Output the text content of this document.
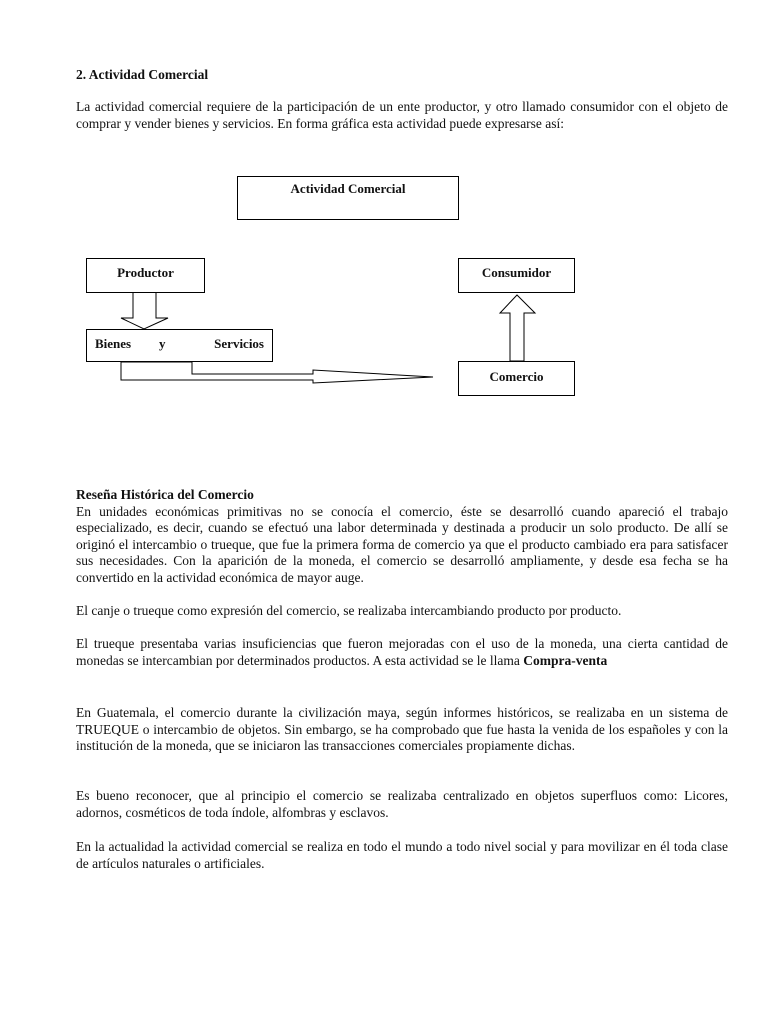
2. Actividad Comercial

La actividad comercial requiere de la participación de un ente productor, y otro llamado consumidor con el objeto de comprar y vender bienes y servicios. En forma gráfica esta actividad puede expresarse así:

Actividad Comercial
Productor	Consumidor
Bienes y	Servicios
Comercio

Reseña Histórica del Comercio
En unidades económicas primitivas no se conocía el comercio, éste se desarrolló cuando apareció el trabajo especializado, es decir, cuando se efectuó una labor determinada y destinada a producir un solo producto. De allí se originó el intercambio o trueque, que fue la primera forma de comercio ya que el producto cambiado era para satisfacer sus necesidades. Con la aparición de la moneda, el comercio se desarrolló ampliamente, y desde esa fecha se ha convertido en la actividad económica de mayor auge.

El canje o trueque como expresión del comercio, se realizaba intercambiando producto por producto.

El trueque presentaba varias insuficiencias que fueron mejoradas con el uso de la moneda, una cierta cantidad de monedas se intercambian por determinados productos. A esta actividad se le llama Compra-venta

En Guatemala, el comercio durante la civilización maya, según informes históricos, se realizaba en un sistema de TRUEQUE o intercambio de objetos. Sin embargo, se ha comprobado que fue hasta la venida de los españoles y con la institución de la moneda, que se iniciaron las transacciones comerciales propiamente dichas.

Es bueno reconocer, que al principio el comercio se realizaba centralizado en objetos superfluos como: Licores, adornos, cosméticos de toda índole, alfombras y esclavos.

En la actualidad la actividad comercial se realiza en todo el mundo a todo nivel social y para movilizar en él toda clase de artículos naturales o artificiales.
